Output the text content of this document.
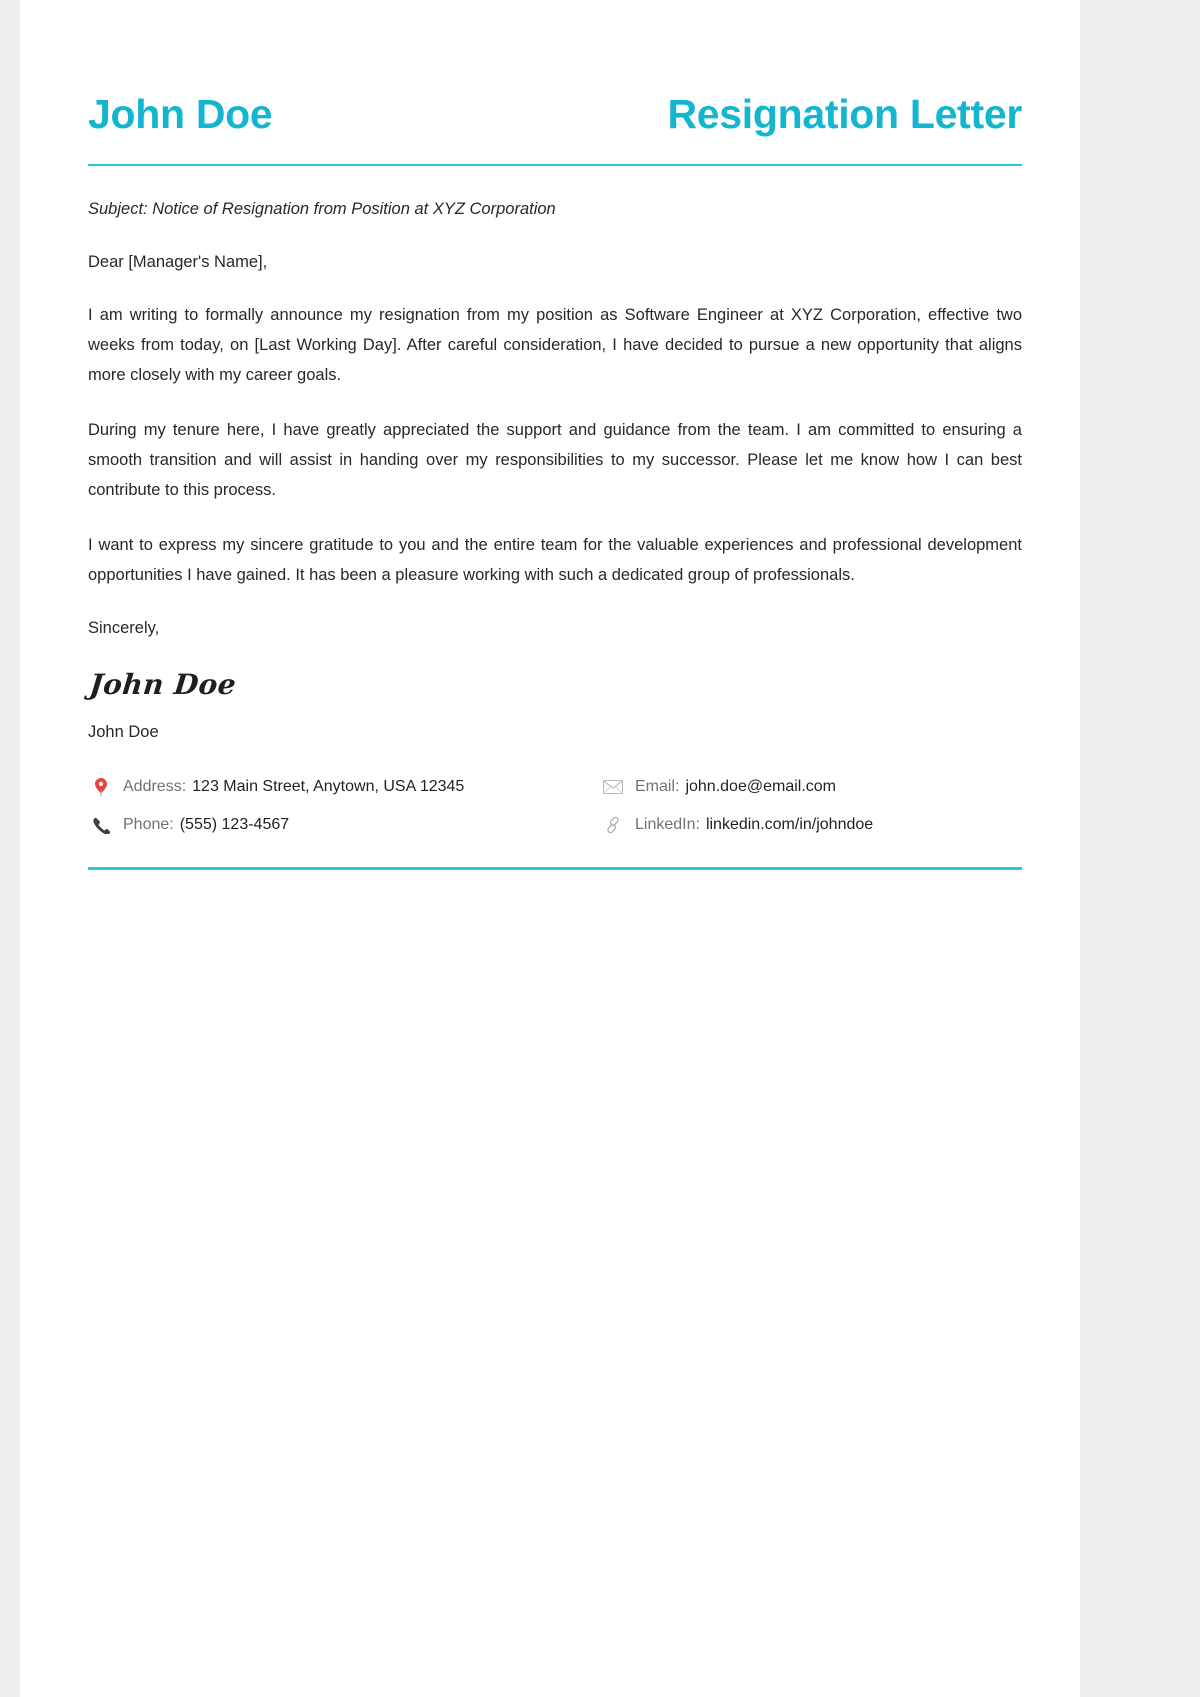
John Doe	Resignation Letter
Subject: Notice of Resignation from Position at XYZ Corporation
Dear [Manager's Name],

I am writing to formally announce my resignation from my position as Software Engineer at XYZ Corporation, effective two weeks from today, on [Last Working Day]. After careful consideration, I have decided to pursue a new opportunity that aligns more closely with my career goals.

During my tenure here, I have greatly appreciated the support and guidance from the team. I am committed to ensuring a smooth transition and will assist in handing over my responsibilities to my successor. Please let me know how I can best contribute to this process.

I want to express my sincere gratitude to you and the entire team for the valuable experiences and professional development opportunities I have gained. It has been a pleasure working with such a dedicated group of professionals.

Sincerely,
John Doe
John Doe
Address: 123 Main Street, Anytown, USA 12345	Email: john.doe@email.com
Phone: (555) 123-4567	LinkedIn: linkedin.com/in/johndoe
